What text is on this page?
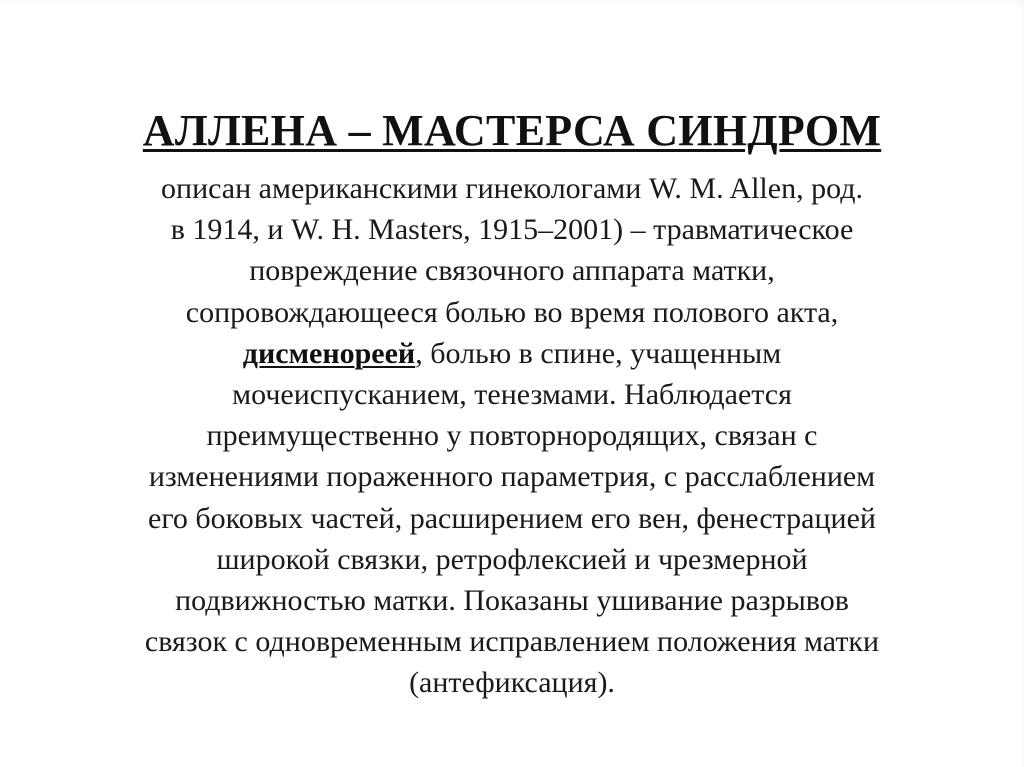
АЛЛЕНА – МАСТЕРСА СИНДРОМ

описан американскими гинекологами W. M. Allen, род.
в 1914, и W. H. Masters, 1915–2001) – травматическое
повреждение связочного аппарата матки,
сопровождающееся болью во время полового акта,
дисменореей, болью в спине, учащенным
мочеиспусканием, тенезмами. Наблюдается
преимущественно у повторнородящих, связан с
изменениями пораженного параметрия, с расслаблением
его боковых частей, расширением его вен, фенестрацией
широкой связки, ретрофлексией и чрезмерной
подвижностью матки. Показаны ушивание разрывов
связок с одновременным исправлением положения матки
(антефиксация).
